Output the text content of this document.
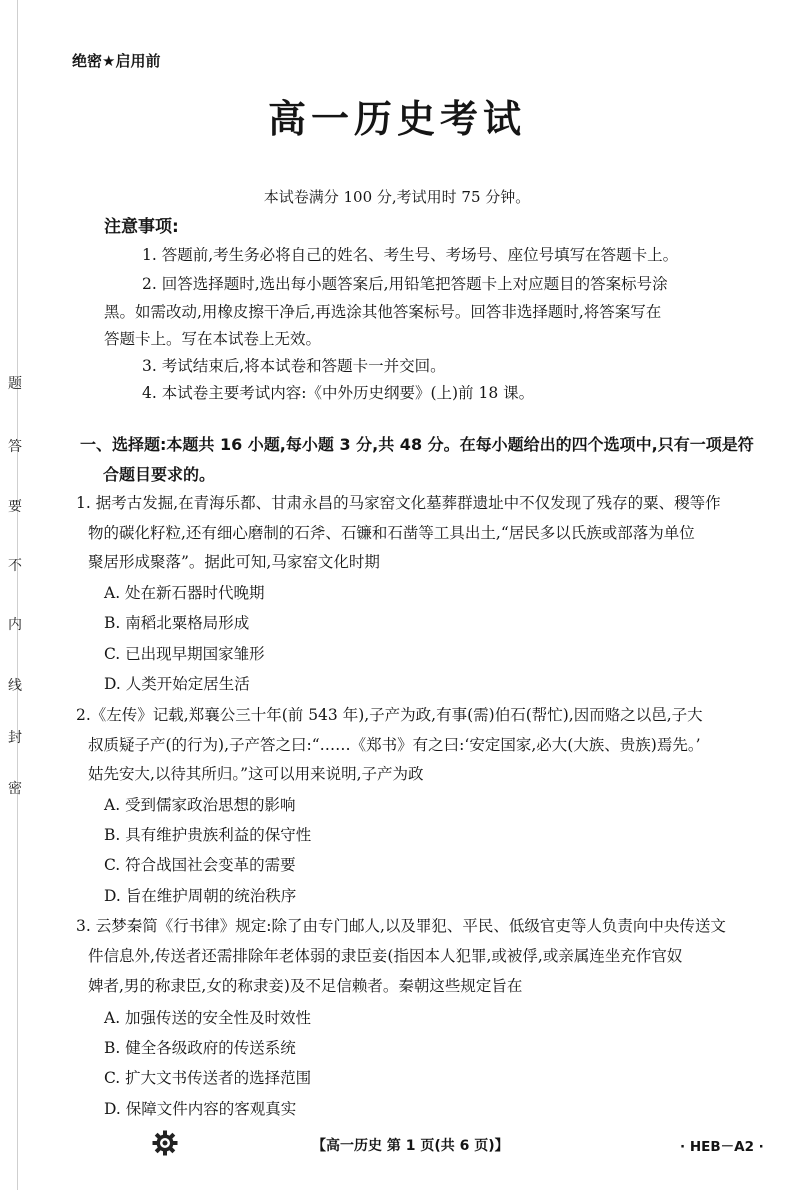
题
答
要
不
内
线
封
密
绝密★启用前
高一历史考试
本试卷满分 100 分,考试用时 75 分钟。
注意事项:
1. 答题前,考生务必将自己的姓名、考生号、考场号、座位号填写在答题卡上。
2. 回答选择题时,选出每小题答案后,用铅笔把答题卡上对应题目的答案标号涂
黑。如需改动,用橡皮擦干净后,再选涂其他答案标号。回答非选择题时,将答案写在
答题卡上。写在本试卷上无效。
3. 考试结束后,将本试卷和答题卡一并交回。
4. 本试卷主要考试内容:《中外历史纲要》(上)前 18 课。
一、选择题:本题共 16 小题,每小题 3 分,共 48 分。在每小题给出的四个选项中,只有一项是符
合题目要求的。
1. 据考古发掘,在青海乐都、甘肃永昌的马家窑文化墓葬群遗址中不仅发现了残存的粟、稷等作
物的碳化籽粒,还有细心磨制的石斧、石镰和石凿等工具出土,“居民多以氏族或部落为单位
聚居形成聚落”。据此可知,马家窑文化时期
A. 处在新石器时代晚期
B. 南稻北粟格局形成
C. 已出现早期国家雏形
D. 人类开始定居生活
2.《左传》记载,郑襄公三十年(前 543 年),子产为政,有事(需)伯石(帮忙),因而赂之以邑,子大
叔质疑子产(的行为),子产答之曰:“……《郑书》有之曰:‘安定国家,必大(大族、贵族)焉先。’
姑先安大,以待其所归。”这可以用来说明,子产为政
A. 受到儒家政治思想的影响
B. 具有维护贵族利益的保守性
C. 符合战国社会变革的需要
D. 旨在维护周朝的统治秩序
3. 云梦秦简《行书律》规定:除了由专门邮人,以及罪犯、平民、低级官吏等人负责向中央传送文
件信息外,传送者还需排除年老体弱的隶臣妾(指因本人犯罪,或被俘,或亲属连坐充作官奴
婢者,男的称隶臣,女的称隶妾)及不足信赖者。秦朝这些规定旨在
A. 加强传送的安全性及时效性
B. 健全各级政府的传送系统
C. 扩大文书传送者的选择范围
D. 保障文件内容的客观真实
【高一历史 第 1 页(共 6 页)】	· HEB－A2 ·
